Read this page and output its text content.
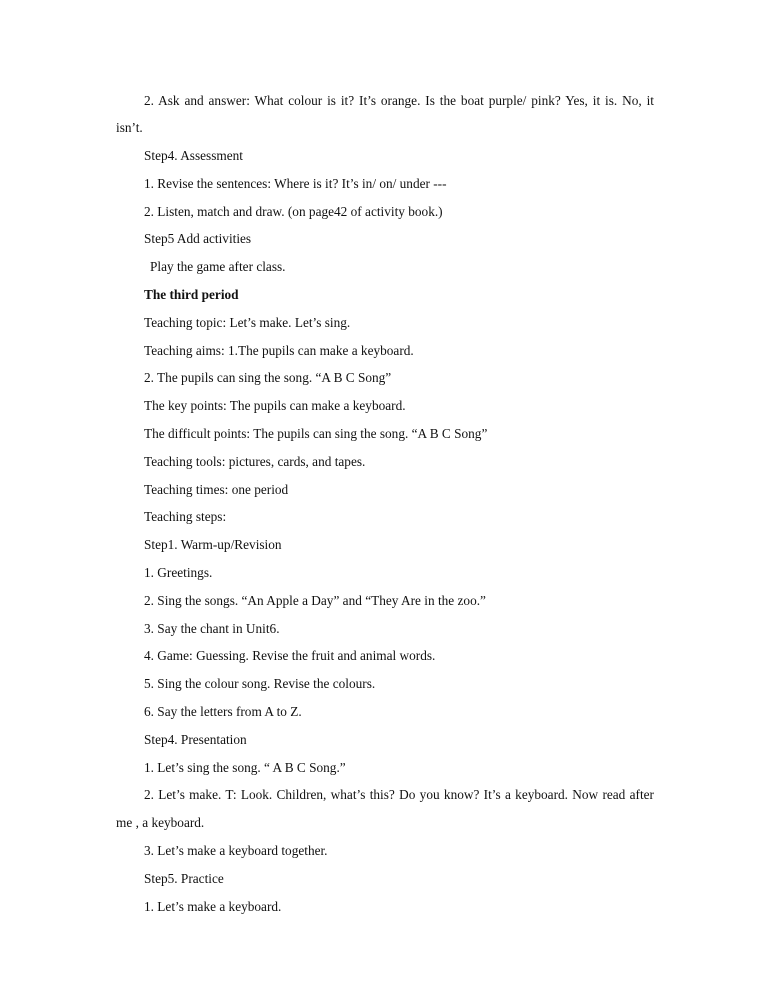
2. Ask and answer: What colour is it? It’s orange. Is the boat purple/ pink? Yes, it is. No, it
isn’t.
Step4. Assessment
1. Revise the sentences: Where is it? It’s in/ on/ under ---
2. Listen, match and draw. (on page42 of activity book.)
Step5 Add activities
Play the game after class.
The third period
Teaching topic: Let’s make. Let’s sing.
Teaching aims: 1.The pupils can make a keyboard.
2. The pupils can sing the song. “A B C Song”
The key points: The pupils can make a keyboard.
The difficult points: The pupils can sing the song. “A B C Song”
Teaching tools: pictures, cards, and tapes.
Teaching times: one period
Teaching steps:
Step1. Warm-up/Revision
1. Greetings.
2. Sing the songs. “An Apple a Day” and “They Are in the zoo.”
3. Say the chant in Unit6.
4. Game: Guessing. Revise the fruit and animal words.
5. Sing the colour song. Revise the colours.
6. Say the letters from A to Z.
Step4. Presentation
1. Let’s sing the song. “ A B C Song.”
2. Let’s make. T: Look. Children, what’s this? Do you know? It’s a keyboard. Now read after
me , a keyboard.
3. Let’s make a keyboard together.
Step5. Practice
1. Let’s make a keyboard.
